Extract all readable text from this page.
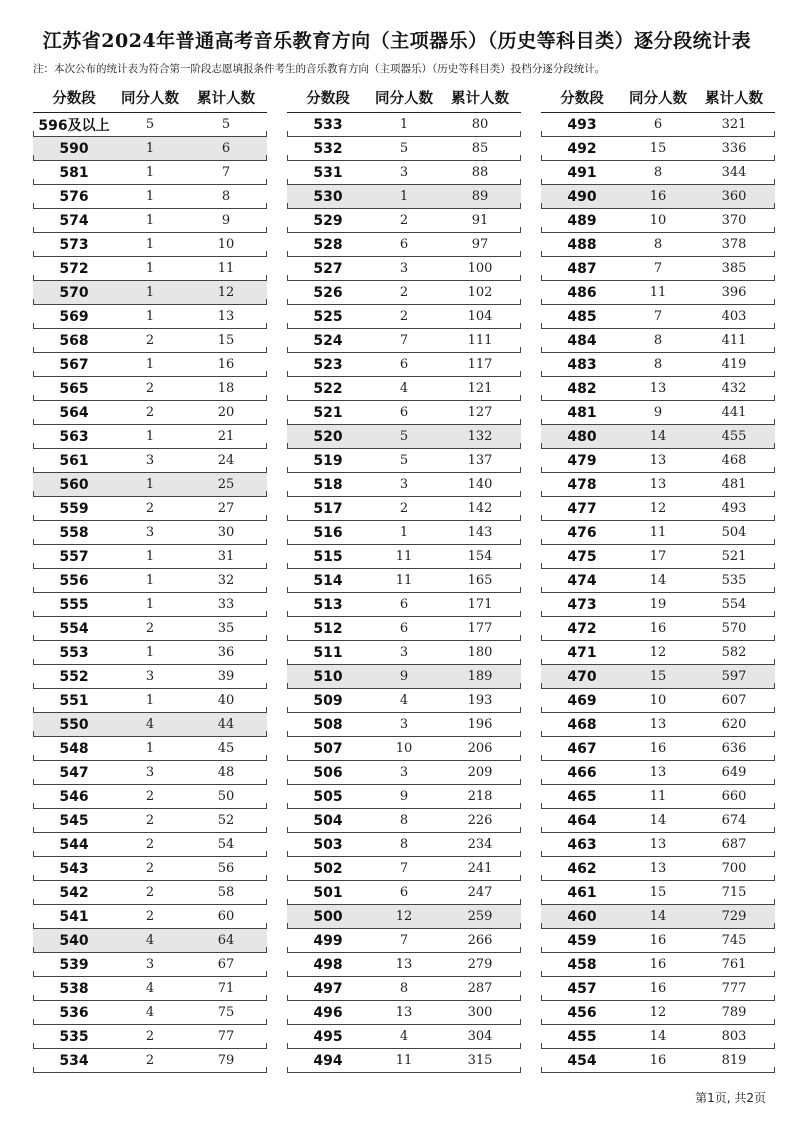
江苏省2024年普通高考音乐教育方向（主项器乐）（历史等科目类）逐分段统计表
注：本次公布的统计表为符合第一阶段志愿填报条件考生的音乐教育方向（主项器乐）（历史等科目类）投档分逐分段统计。
分数段	同分人数	累计人数
596及以上	5	5
590	1	6
581	1	7
576	1	8
574	1	9
573	1	10
572	1	11
570	1	12
569	1	13
568	2	15
567	1	16
565	2	18
564	2	20
563	1	21
561	3	24
560	1	25
559	2	27
558	3	30
557	1	31
556	1	32
555	1	33
554	2	35
553	1	36
552	3	39
551	1	40
550	4	44
548	1	45
547	3	48
546	2	50
545	2	52
544	2	54
543	2	56
542	2	58
541	2	60
540	4	64
539	3	67
538	4	71
536	4	75
535	2	77
534	2	79
分数段	同分人数	累计人数
533	1	80
532	5	85
531	3	88
530	1	89
529	2	91
528	6	97
527	3	100
526	2	102
525	2	104
524	7	111
523	6	117
522	4	121
521	6	127
520	5	132
519	5	137
518	3	140
517	2	142
516	1	143
515	11	154
514	11	165
513	6	171
512	6	177
511	3	180
510	9	189
509	4	193
508	3	196
507	10	206
506	3	209
505	9	218
504	8	226
503	8	234
502	7	241
501	6	247
500	12	259
499	7	266
498	13	279
497	8	287
496	13	300
495	4	304
494	11	315
分数段	同分人数	累计人数
493	6	321
492	15	336
491	8	344
490	16	360
489	10	370
488	8	378
487	7	385
486	11	396
485	7	403
484	8	411
483	8	419
482	13	432
481	9	441
480	14	455
479	13	468
478	13	481
477	12	493
476	11	504
475	17	521
474	14	535
473	19	554
472	16	570
471	12	582
470	15	597
469	10	607
468	13	620
467	16	636
466	13	649
465	11	660
464	14	674
463	13	687
462	13	700
461	15	715
460	14	729
459	16	745
458	16	761
457	16	777
456	12	789
455	14	803
454	16	819
第1页, 共2页
